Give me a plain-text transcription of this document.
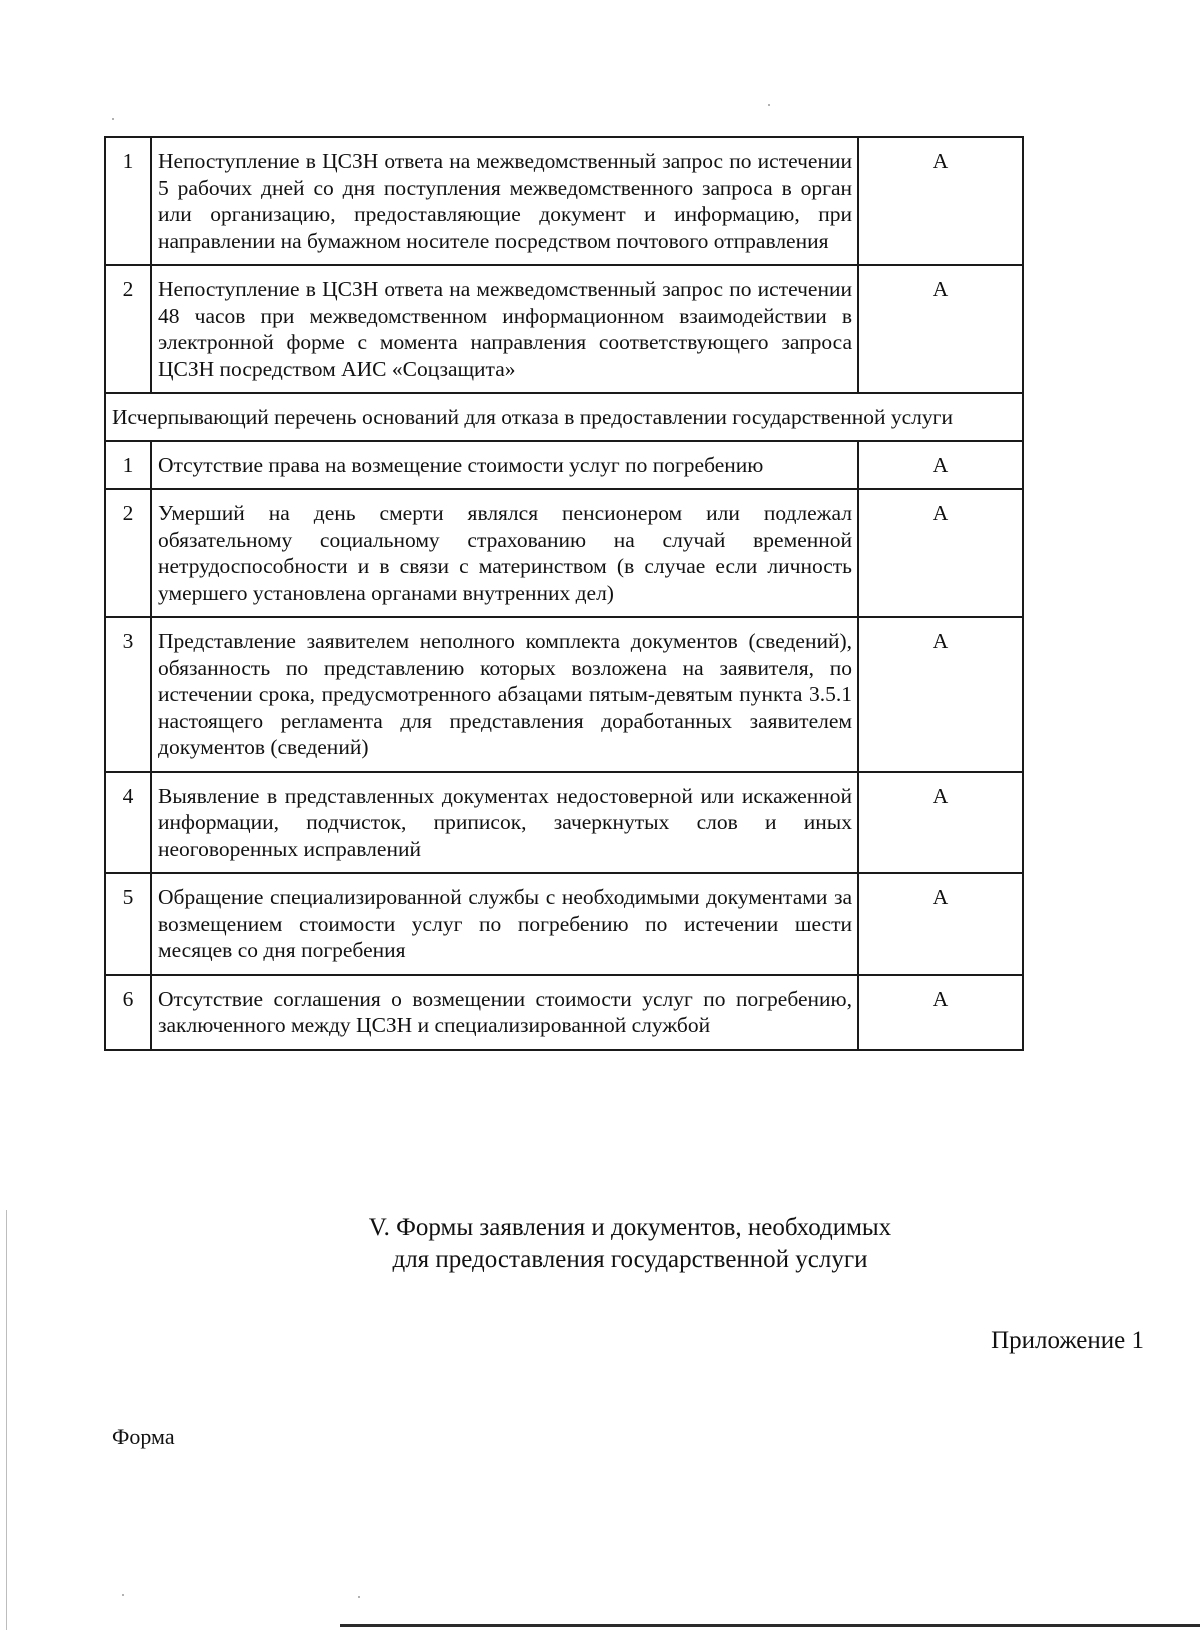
1	Непоступление в ЦСЗН ответа на межведомственный запрос по истечении 5 рабочих дней со дня поступления межведомственного запроса в орган или организацию, предоставляющие документ и информацию, при направлении на бумажном носителе посредством почтового отправления	А
2	Непоступление в ЦСЗН ответа на межведомственный запрос по истечении 48 часов при межведомственном информационном взаимодействии в электронной форме с момента направления соответствующего запроса ЦСЗН посредством АИС «Соцзащита»	А
Исчерпывающий перечень оснований для отказа в предоставлении государственной услуги		
1	Отсутствие права на возмещение стоимости услуг по погребению	А
2	Умерший на день смерти являлся пенсионером или подлежал обязательному социальному страхованию на случай временной нетрудоспособности и в связи с материнством (в случае если личность умершего установлена органами внутренних дел)	А
3	Представление заявителем неполного комплекта документов (сведений), обязанность по представлению которых возложена на заявителя, по истечении срока, предусмотренного абзацами пятым-девятым пункта 3.5.1 настоящего регламента для представления доработанных заявителем документов (сведений)	А
4	Выявление в представленных документах недостоверной или искаженной информации, подчисток, приписок, зачеркнутых слов и иных неоговоренных исправлений	А
5	Обращение специализированной службы с необходимыми документами за возмещением стоимости услуг по погребению по истечении шести месяцев со дня погребения	А
6	Отсутствие соглашения о возмещении стоимости услуг по погребению, заключенного между ЦСЗН и специализированной службой	А
V. Формы заявления и документов, необходимых
для предоставления государственной услуги
Приложение 1
Форма
